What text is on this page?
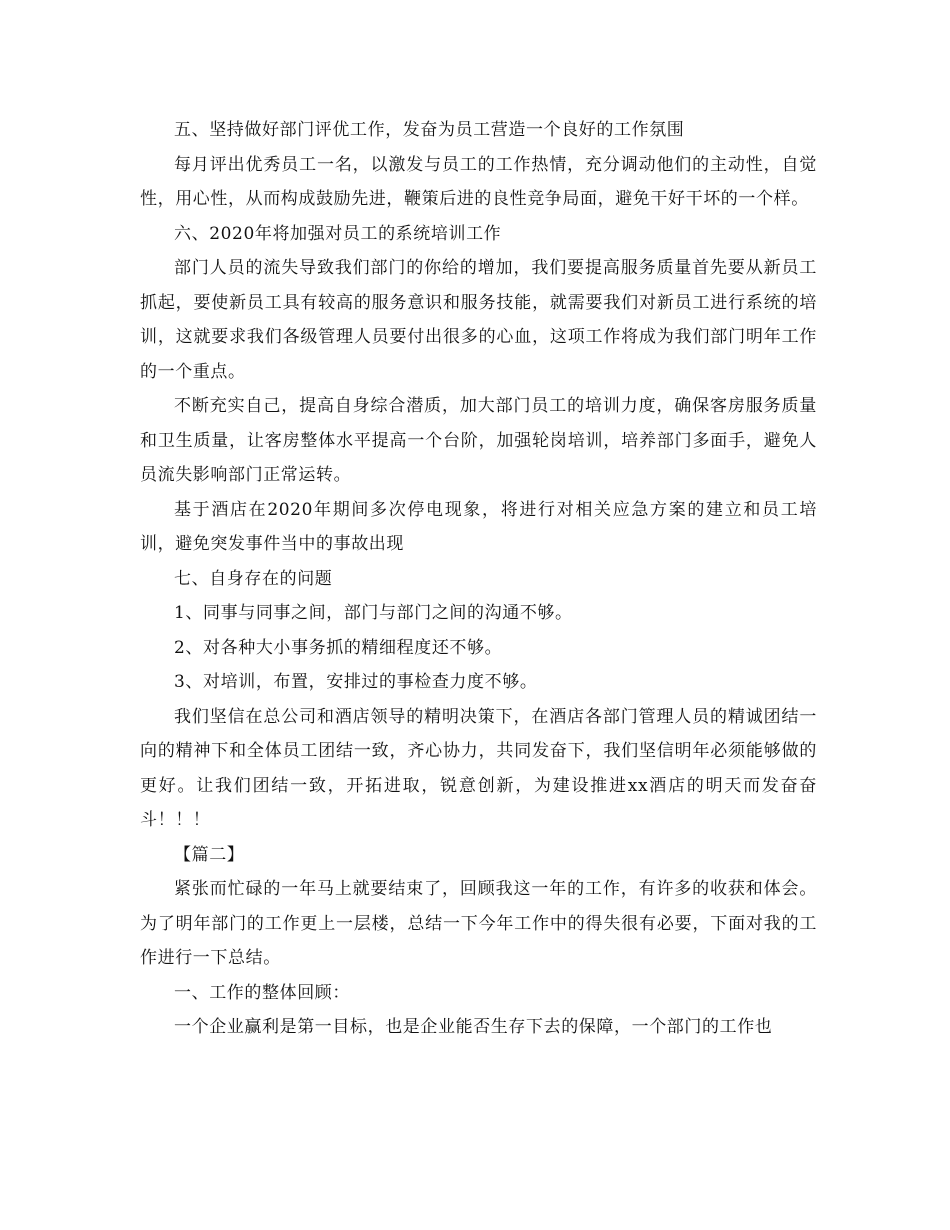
五、坚持做好部门评优工作，发奋为员工营造一个良好的工作氛围

每月评出优秀员工一名，以激发与员工的工作热情，充分调动他们的主动性，自觉性，用心性，从而构成鼓励先进，鞭策后进的良性竞争局面，避免干好干坏的一个样。

六、2020年将加强对员工的系统培训工作

部门人员的流失导致我们部门的你给的增加，我们要提高服务质量首先要从新员工抓起，要使新员工具有较高的服务意识和服务技能，就需要我们对新员工进行系统的培训，这就要求我们各级管理人员要付出很多的心血，这项工作将成为我们部门明年工作的一个重点。

不断充实自己，提高自身综合潜质，加大部门员工的培训力度，确保客房服务质量和卫生质量，让客房整体水平提高一个台阶，加强轮岗培训，培养部门多面手，避免人员流失影响部门正常运转。

基于酒店在2020年期间多次停电现象，将进行对相关应急方案的建立和员工培训，避免突发事件当中的事故出现

七、自身存在的问题

1、同事与同事之间，部门与部门之间的沟通不够。

2、对各种大小事务抓的精细程度还不够。

3、对培训，布置，安排过的事检查力度不够。

我们坚信在总公司和酒店领导的精明决策下，在酒店各部门管理人员的精诚团结一向的精神下和全体员工团结一致，齐心协力，共同发奋下，我们坚信明年必须能够做的更好。让我们团结一致，开拓进取，锐意创新，为建设推进xx酒店的明天而发奋奋斗！！！

【篇二】

紧张而忙碌的一年马上就要结束了，回顾我这一年的工作，有许多的收获和体会。为了明年部门的工作更上一层楼，总结一下今年工作中的得失很有必要，下面对我的工作进行一下总结。

一、工作的整体回顾：

一个企业赢利是第一目标，也是企业能否生存下去的保障，一个部门的工作也
